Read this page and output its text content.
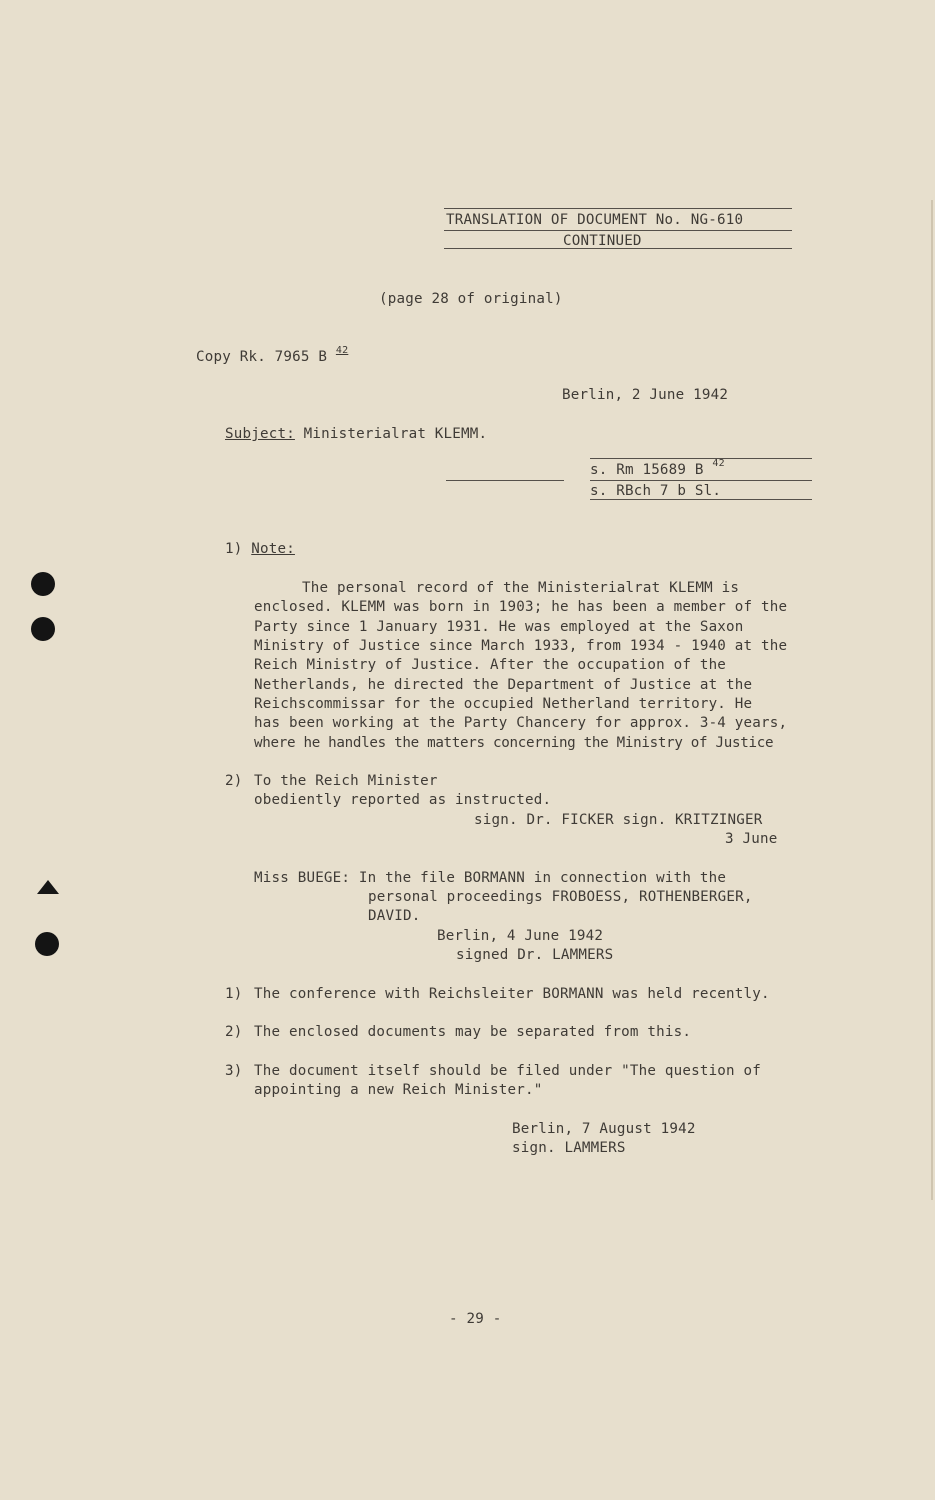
TRANSLATION OF DOCUMENT No. NG-610
CONTINUED
(page 28 of original)
Copy Rk. 7965 B $^{42}$
Berlin, 2 June 1942
Subject: Ministerialrat KLEMM.
s. Rm 15689 B $^{42}$
s. RBch 7 b Sl.
1) Note:
The personal record of the Ministerialrat KLEMM is
enclosed. KLEMM was born in 1903; he has been a member of the
Party since 1 January 1931. He was employed at the Saxon
Ministry of Justice since March 1933, from 1934 - 1940 at the
Reich Ministry of Justice. After the occupation of the
Netherlands, he directed the Department of Justice at the
Reichscommissar for the occupied Netherland territory. He
has been working at the Party Chancery for approx. 3-4 years,
where he handles the matters concerning the Ministry of Justice
2) To the Reich Minister
obediently reported as instructed.
sign. Dr. FICKER sign. KRITZINGER
3 June
Miss BUEGE: In the file BORMANN in connection with the
personal proceedings FROBOESS, ROTHENBERGER,
DAVID.
Berlin, 4 June 1942
signed Dr. LAMMERS
1) The conference with Reichsleiter BORMANN was held recently.
2) The enclosed documents may be separated from this.
3) The document itself should be filed under "The question of
appointing a new Reich Minister."
Berlin, 7 August 1942
sign. LAMMERS
- 29 -
